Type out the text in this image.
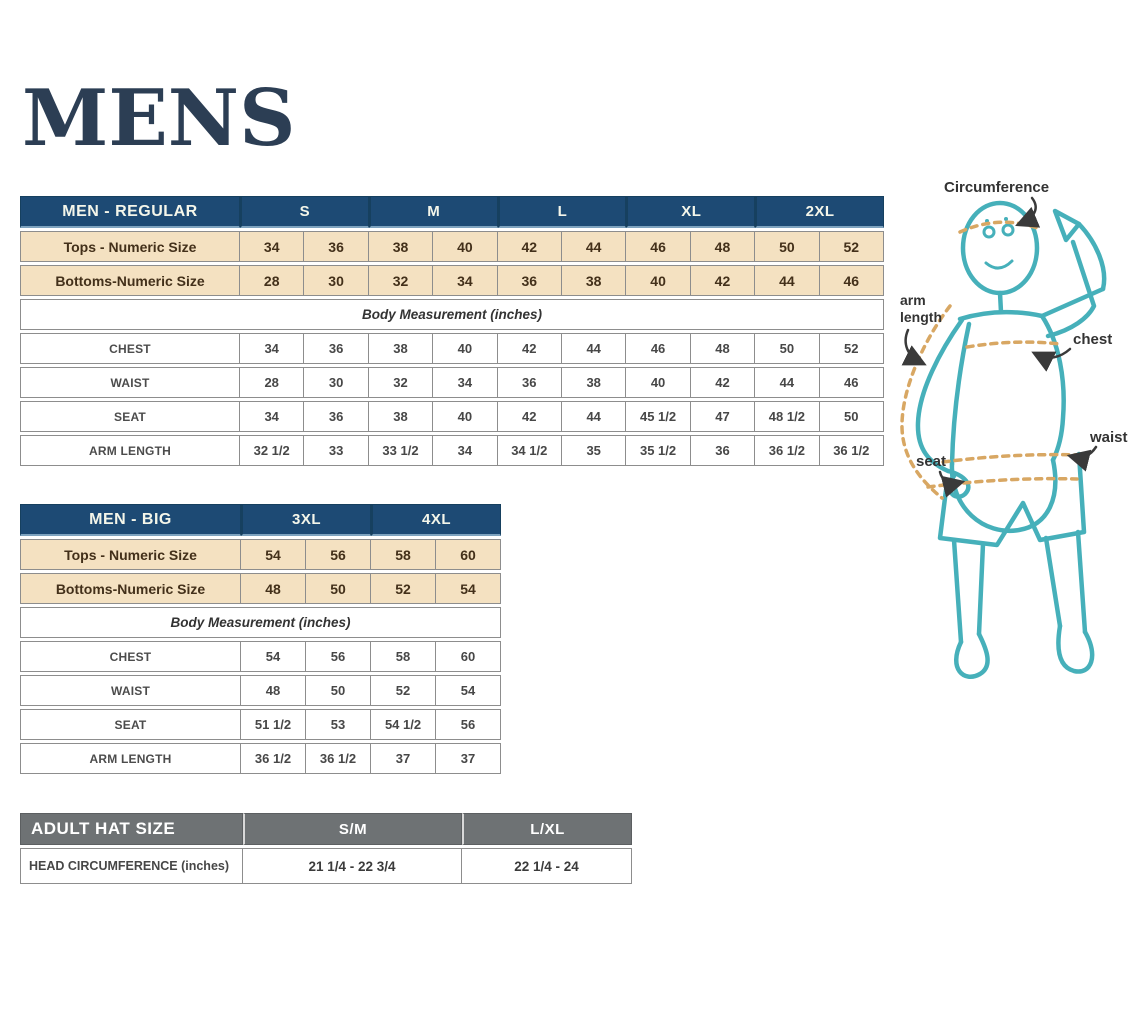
MENS
MEN - REGULAR	S		M		L		XL		2XL	
Tops - Numeric Size	34	36	38	40	42	44	46	48	50	52
Bottoms-Numeric Size	28	30	32	34	36	38	40	42	44	46
Body Measurement (inches)										
CHEST	34	36	38	40	42	44	46	48	50	52
WAIST	28	30	32	34	36	38	40	42	44	46
SEAT	34	36	38	40	42	44	45 1/2	47	48 1/2	50
ARM LENGTH	32 1/2	33	33 1/2	34	34 1/2	35	35 1/2	36	36 1/2	36 1/2
MEN - BIG	3XL		4XL	
Tops - Numeric Size	54	56	58	60
Bottoms-Numeric Size	48	50	52	54
Body Measurement (inches)				
CHEST	54	56	58	60
WAIST	48	50	52	54
SEAT	51 1/2	53	54 1/2	56
ARM LENGTH	36 1/2	36 1/2	37	37
ADULT HAT SIZE	S/M	L/XL
HEAD CIRCUMFERENCE (inches)	21 1/4 - 22 3/4	22 1/4 - 24
Circumference
arm
length
chest
waist
seat
